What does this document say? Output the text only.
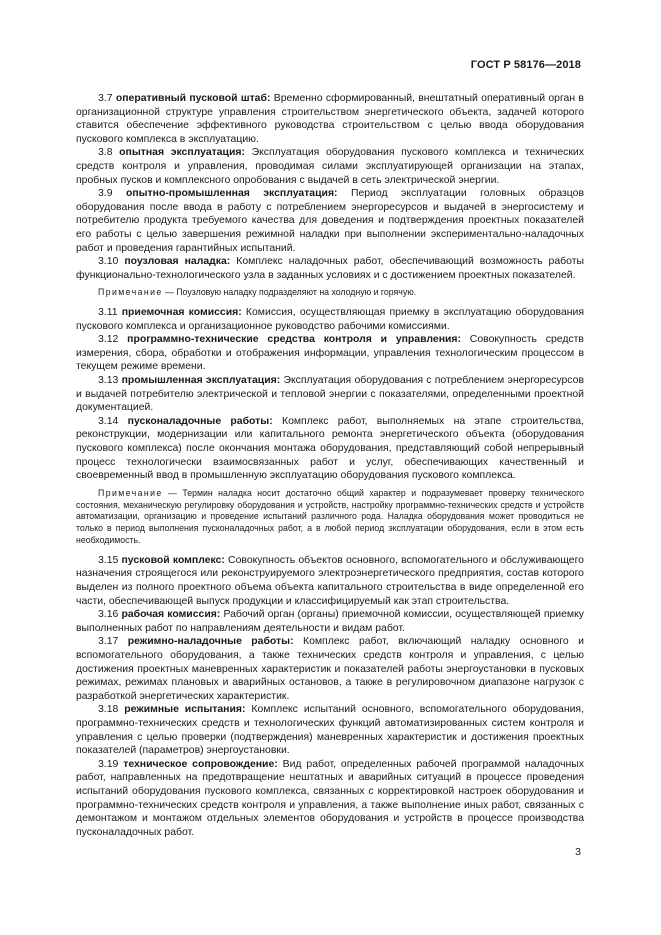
ГОСТ Р 58176—2018

3.7 оперативный пусковой штаб: Временно сформированный, внештатный оперативный орган в организационной структуре управления строительством энергетического объекта, задачей которого ставится обеспечение эффективного руководства строительством с целью ввода оборудования пускового комплекса в эксплуатацию.

3.8 опытная эксплуатация: Эксплуатация оборудования пускового комплекса и технических средств контроля и управления, проводимая силами эксплуатирующей организации на этапах, пробных пусков и комплексного опробования с выдачей в сеть электрической энергии.

3.9 опытно-промышленная эксплуатация: Период эксплуатации головных образцов оборудования после ввода в работу с потреблением энергоресурсов и выдачей в энергосистему и потребителю продукта требуемого качества для доведения и подтверждения проектных показателей его работы с целью завершения режимной наладки при выполнении экспериментально-наладочных работ и проведения гарантийных испытаний.

3.10 поузловая наладка: Комплекс наладочных работ, обеспечивающий возможность работы функционально-технологического узла в заданных условиях и с достижением проектных показателей.

Примечание — Поузловую наладку подразделяют на холодную и горячую.

3.11 приемочная комиссия: Комиссия, осуществляющая приемку в эксплуатацию оборудования пускового комплекса и организационное руководство рабочими комиссиями.

3.12 программно-технические средства контроля и управления: Совокупность средств измерения, сбора, обработки и отображения информации, управления технологическим процессом в текущем режиме времени.

3.13 промышленная эксплуатация: Эксплуатация оборудования с потреблением энергоресурсов и выдачей потребителю электрической и тепловой энергии с показателями, определенными проектной документацией.

3.14 пусконаладочные работы: Комплекс работ, выполняемых на этапе строительства, реконструкции, модернизации или капитального ремонта энергетического объекта (оборудования пускового комплекса) после окончания монтажа оборудования, представляющий собой непрерывный процесс технологически взаимосвязанных работ и услуг, обеспечивающих качественный и своевременный ввод в промышленную эксплуатацию оборудования пускового комплекса.

Примечание — Термин наладка носит достаточно общий характер и подразумевает проверку технического состояния, механическую регулировку оборудования и устройств, настройку программно-технических средств и устройств автоматизации, организацию и проведение испытаний различного рода. Наладка оборудования может проводиться не только в период выполнения пусконаладочных работ, а в любой период эксплуатации оборудования, если в этом есть необходимость.

3.15 пусковой комплекс: Совокупность объектов основного, вспомогательного и обслуживающего назначения строящегося или реконструируемого электроэнергетического предприятия, состав которого выделен из полного проектного объема объекта капитального строительства в виде определенной его части, обеспечивающей выпуск продукции и классифицируемый как этап строительства.

3.16 рабочая комиссия: Рабочий орган (органы) приемочной комиссии, осуществляющей приемку выполненных работ по направлениям деятельности и видам работ.

3.17 режимно-наладочные работы: Комплекс работ, включающий наладку основного и вспомогательного оборудования, а также технических средств контроля и управления, с целью достижения проектных маневренных характеристик и показателей работы энергоустановки в пусковых режимах, режимах плановых и аварийных остановов, а также в регулировочном диапазоне нагрузок с разработкой энергетических характеристик.

3.18 режимные испытания: Комплекс испытаний основного, вспомогательного оборудования, программно-технических средств и технологических функций автоматизированных систем контроля и управления с целью проверки (подтверждения) маневренных характеристик и достижения проектных показателей (параметров) энергоустановки.

3.19 техническое сопровождение: Вид работ, определенных рабочей программой наладочных работ, направленных на предотвращение нештатных и аварийных ситуаций в процессе проведения испытаний оборудования пускового комплекса, связанных с корректировкой настроек оборудования и программно-технических средств контроля и управления, а также выполнение иных работ, связанных с демонтажом и монтажом отдельных элементов оборудования и устройств в процессе производства пусконаладочных работ.

3
